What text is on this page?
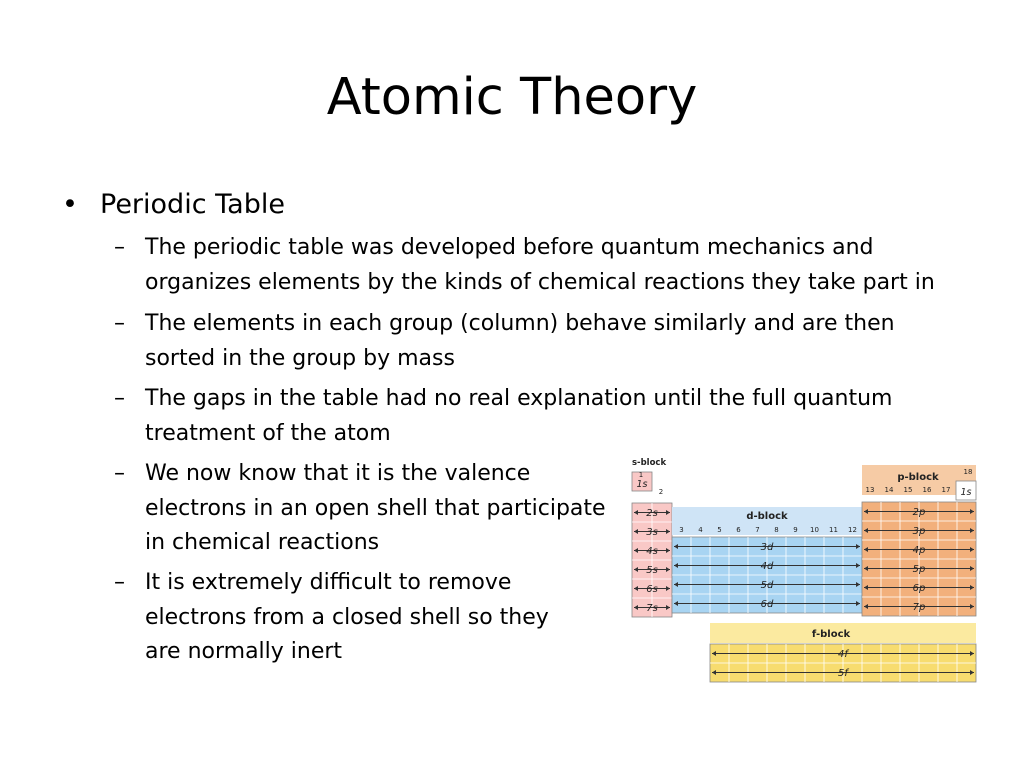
Atomic Theory
• Periodic Table
– The periodic table was developed before quantum mechanics and
organizes elements by the kinds of chemical reactions they take part in
– The elements in each group (column) behave similarly and are then
sorted in the group by mass
– The gaps in the table had no real explanation until the full quantum
treatment of the atom
– We now know that it is the valence
electrons in an open shell that participate
in chemical reactions
– It is extremely difficult to remove
electrons from a closed shell so they
are normally inert
s-block
1
2
1s
2s
3s
4s
5s
6s
7s
d-block
3 4 5 6 7 8 9 10 11 12
3d
4d
5d
6d
p-block	18
13 14 15 16 17 1s
2p
3p
4p
5p
6p
7p
f-block
4f
5f
